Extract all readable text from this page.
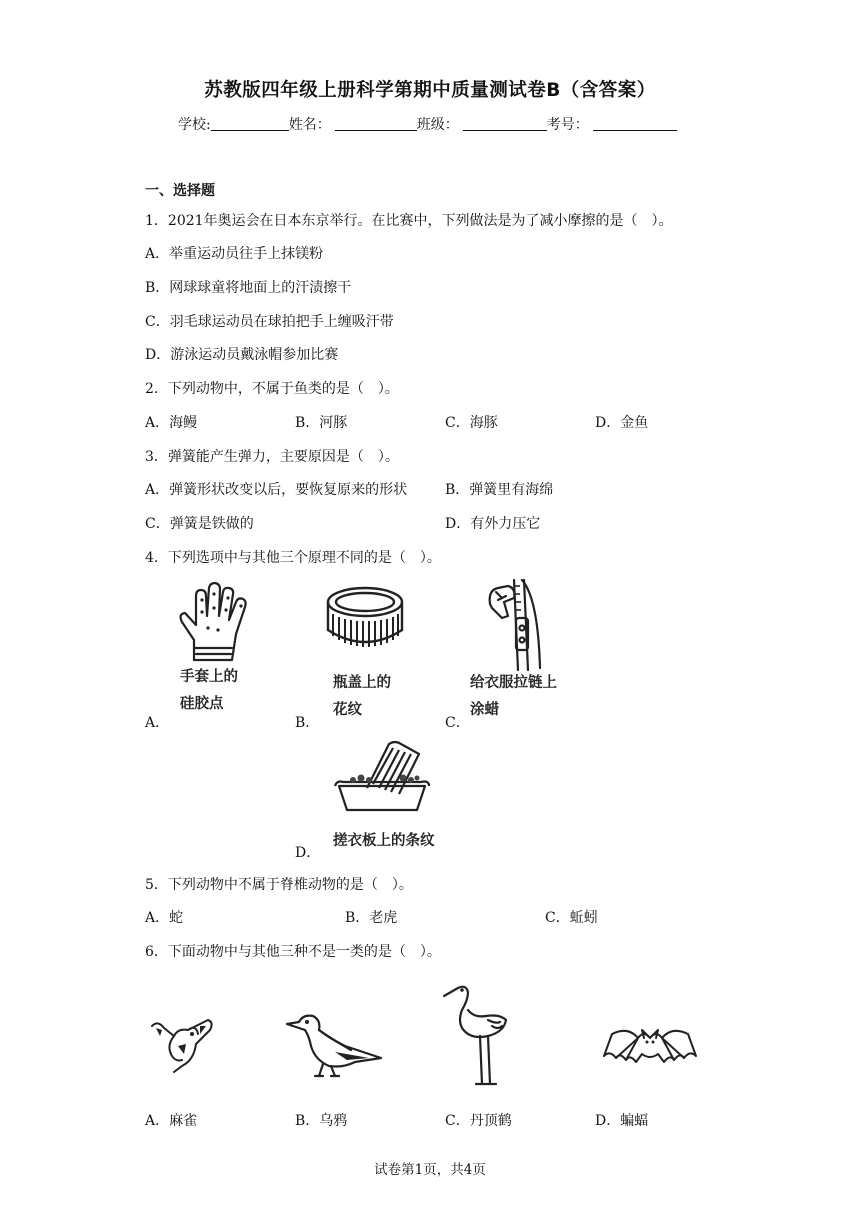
苏教版四年级上册科学第期中质量测试卷B（含答案）
学校:	姓名：	班级：	考号：
一、选择题
1．2021年奥运会在日本东京举行。在比赛中，下列做法是为了减小摩擦的是（　）。
A．举重运动员往手上抹镁粉
B．网球球童将地面上的汗渍擦干
C．羽毛球运动员在球拍把手上缠吸汗带
D．游泳运动员戴泳帽参加比赛
2．下列动物中，不属于鱼类的是（　）。
A．海鳗	B．河豚	C．海豚	D．金鱼
3．弹簧能产生弹力，主要原因是（　）。
A．弹簧形状改变以后，要恢复原来的形状	B．弹簧里有海绵
C．弹簧是铁做的	D．有外力压它
4．下列选项中与其他三个原理不同的是（　）。
手套上的
硅胶点
A．
瓶盖上的
花纹
B．
给衣服拉链上
涂蜡
C．
搓衣板上的条纹
D．
5．下列动物中不属于脊椎动物的是（　）。
A．蛇	B．老虎	C．蚯蚓
6．下面动物中与其他三种不是一类的是（　）。
A．麻雀	B．乌鸦	C．丹顶鹤	D．蝙蝠
试卷第1页，共4页
